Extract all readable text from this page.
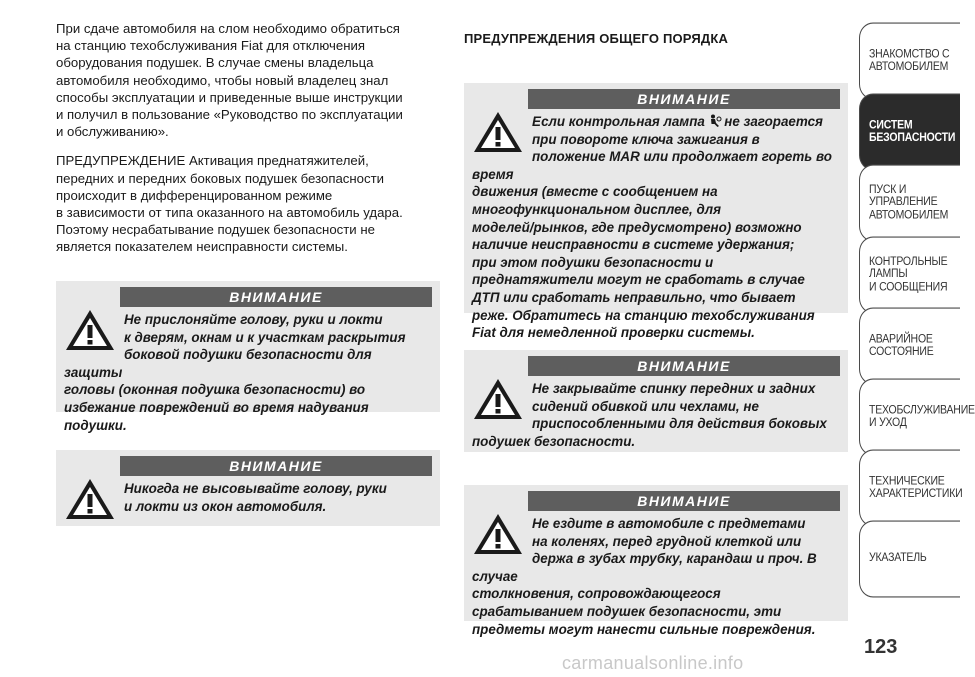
При сдаче автомобиля на слом необходимо обратиться
на станцию техобслуживания Fiat для отключения
оборудования подушек. В случае смены владельца
автомобиля необходимо, чтобы новый владелец знал
способы эксплуатации и приведенные выше инструкции
и получил в пользование «Руководство по эксплуатации
и обслуживанию».

ПРЕДУПРЕЖДЕНИЕ Активация преднатяжителей,
передних и передних боковых подушек безопасности
происходит в дифференцированном режиме
в зависимости от типа оказанного на автомобиль удара.
Поэтому несрабатывание подушек безопасности не
является показателем неисправности системы.

ВНИМАНИЕ

Не прислоняйте голову, руки и локти
к дверям, окнам и к участкам раскрытия
боковой подушки безопасности для защиты
головы (оконная подушка безопасности) во
избежание повреждений во время надувания
подушки.

ВНИМАНИЕ

Никогда не высовывайте голову, руки
и локти из окон автомобиля.

ПРЕДУПРЕЖДЕНИЯ ОБЩЕГО ПОРЯДКА

ВНИМАНИЕ

Если контрольная лампа  не загорается
при повороте ключа зажигания в
положение MAR или продолжает гореть во время
движения (вместе с сообщением на
многофункциональном дисплее, для
моделей/рынков, где предусмотрено) возможно
наличие неисправности в системе удержания;
при этом подушки безопасности и
преднатяжители могут не сработать в случае
ДТП или сработать неправильно, что бывает
реже. Обратитесь на станцию техобслуживания
Fiat для немедленной проверки системы.

ВНИМАНИЕ

Не закрывайте спинку передних и задних
сидений обивкой или чехлами, не
приспособленными для действия боковых
подушек безопасности.

ВНИМАНИЕ

Не ездите в автомобиле с предметами
на коленях, перед грудной клеткой или
держа в зубах трубку, карандаш и проч. В случае
столкновения, сопровождающегося
срабатыванием подушек безопасности, эти
предметы могут нанести сильные повреждения.

ЗНАКОМСТВО С
АВТОМОБИЛЕМ
СИСТЕМ
БЕЗОПАСНОСТИ
ПУСК И УПРАВЛЕНИЕ
АВТОМОБИЛЕМ
КОНТРОЛЬНЫЕ
ЛАМПЫ
И СООБЩЕНИЯ
АВАРИЙНОЕ
СОСТОЯНИЕ
ТЕХОБСЛУЖИВАНИЕ
И УХОД
ТЕХНИЧЕСКИЕ
ХАРАКТЕРИСТИКИ
УКАЗАТЕЛЬ
123
carmanualsonline.info
